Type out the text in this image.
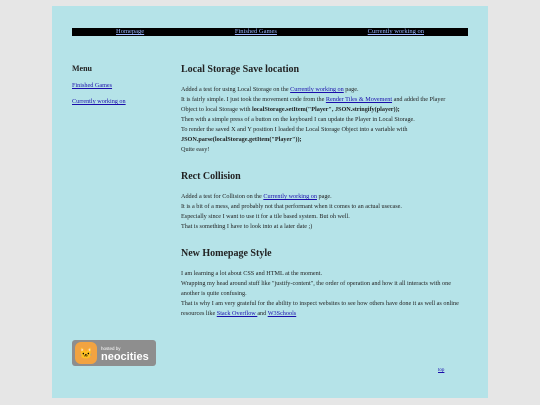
Homepage	Finished Games	Currently working on
Menu
Finished Games
Currently working on
Local Storage Save location

Added a test for using Local Storage on the Currently working on page.
It is fairly simple. I just took the movement code from the Render Tiles & Movement and added the Player Object to local Storage with localStorage.setItem("Player", JSON.stringify(player));
Then with a simple press of a button on the keyboard I can update the Player in Local Storage.
To render the saved X and Y position I loaded the Local Storage Object into a variable with
JSON.parse(localStorage.getItem("Player"));
Quite easy!

Rect Collision

Added a test for Collision on the Currently working on page.
It is a bit of a mess, and probably not that performant when it comes to an actual usecase.
Especially since I want to use it for a tile based system. But oh well.
That is something I have to look into at a later date ;)

New Homepage Style

I am learning a lot about CSS and HTML at the moment.
Wrapping my head around stuff like "justify-content", the order of operation and how it all interacts with one another is quite confusing.
That is why I am very grateful for the ability to inspect websites to see how others have done it as well as online resources like Stack Overflow and W3Schools

🐱	hosted by
neocities
top
